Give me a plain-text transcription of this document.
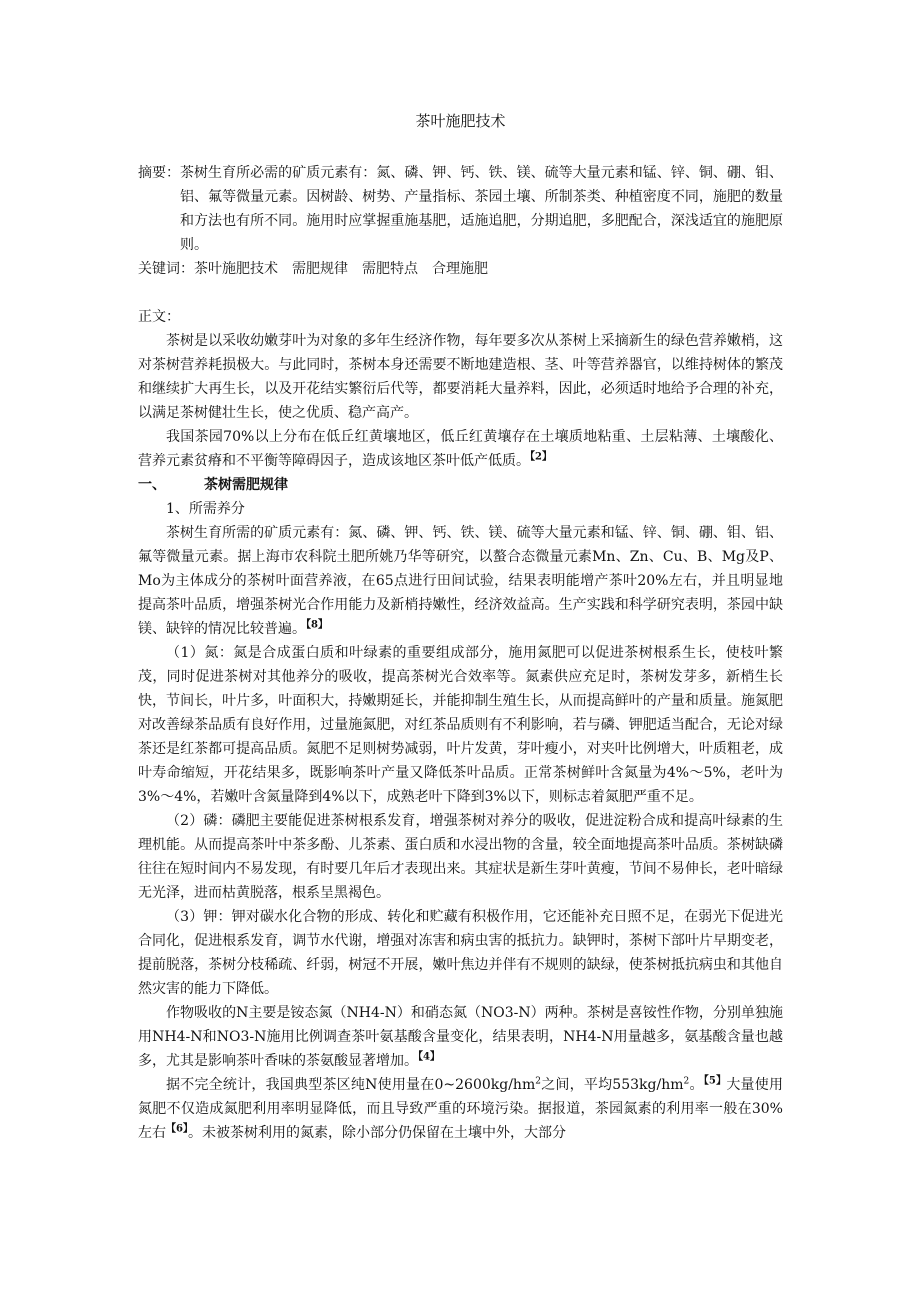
茶叶施肥技术
摘要： 茶树生育所必需的矿质元素有：氮、磷、钾、钙、铁、镁、硫等大量元素和锰、锌、铜、硼、钼、铝、氟等微量元素。因树龄、树势、产量指标、茶园土壤、所制茶类、种植密度不同，施肥的数量和方法也有所不同。施用时应掌握重施基肥，适施追肥，分期追肥，多肥配合，深浅适宜的施肥原则。
关键词：茶叶施肥技术　需肥规律　需肥特点　合理施肥
正文：

茶树是以采收幼嫩芽叶为对象的多年生经济作物，每年要多次从茶树上采摘新生的绿色营养嫩梢，这对茶树营养耗损极大。与此同时，茶树本身还需要不断地建造根、茎、叶等营养器官，以维持树体的繁茂和继续扩大再生长，以及开花结实繁衍后代等，都要消耗大量养料，因此，必须适时地给予合理的补充，以满足茶树健壮生长，使之优质、稳产高产。

我国茶园70%以上分布在低丘红黄壤地区，低丘红黄壤存在土壤质地粘重、土层粘薄、土壤酸化、营养元素贫瘠和不平衡等障碍因子，造成该地区茶叶低产低质。$^{【2】}$

一、	茶树需肥规律
1、所需养分

茶树生育所需的矿质元素有：氮、磷、钾、钙、铁、镁、硫等大量元素和锰、锌、铜、硼、钼、铝、氟等微量元素。据上海市农科院土肥所姚乃华等研究，以螯合态微量元素Mn、Zn、Cu、B、Mg及P、Mo为主体成分的茶树叶面营养液，在65点进行田间试验，结果表明能增产茶叶20%左右，并且明显地提高茶叶品质，增强茶树光合作用能力及新梢持嫩性，经济效益高。生产实践和科学研究表明，茶园中缺镁、缺锌的情况比较普遍。$^{【8】}$

（1）氮：氮是合成蛋白质和叶绿素的重要组成部分，施用氮肥可以促进茶树根系生长，使枝叶繁茂，同时促进茶树对其他养分的吸收，提高茶树光合效率等。氮素供应充足时，茶树发芽多，新梢生长快，节间长，叶片多，叶面积大，持嫩期延长，并能抑制生殖生长，从而提高鲜叶的产量和质量。施氮肥对改善绿茶品质有良好作用，过量施氮肥，对红茶品质则有不利影响，若与磷、钾肥适当配合，无论对绿茶还是红茶都可提高品质。氮肥不足则树势减弱，叶片发黄，芽叶瘦小，对夹叶比例增大，叶质粗老，成叶寿命缩短，开花结果多，既影响茶叶产量又降低茶叶品质。正常茶树鲜叶含氮量为4%～5%，老叶为3%～4%，若嫩叶含氮量降到4%以下，成熟老叶下降到3%以下，则标志着氮肥严重不足。

（2）磷：磷肥主要能促进茶树根系发育，增强茶树对养分的吸收，促进淀粉合成和提高叶绿素的生理机能。从而提高茶叶中茶多酚、儿茶素、蛋白质和水浸出物的含量，较全面地提高茶叶品质。茶树缺磷往往在短时间内不易发现，有时要几年后才表现出来。其症状是新生芽叶黄瘦，节间不易伸长，老叶暗绿无光泽，进而枯黄脱落，根系呈黑褐色。

（3）钾：钾对碳水化合物的形成、转化和贮藏有积极作用，它还能补充日照不足，在弱光下促进光合同化，促进根系发育，调节水代谢，增强对冻害和病虫害的抵抗力。缺钾时，茶树下部叶片早期变老，提前脱落，茶树分枝稀疏、纤弱，树冠不开展，嫩叶焦边并伴有不规则的缺绿，使茶树抵抗病虫和其他自然灾害的能力下降低。

作物吸收的N主要是铵态氮（NH4-N）和硝态氮（NO3-N）两种。茶树是喜铵性作物，分别单独施用NH4-N和NO3-N施用比例调查茶叶氨基酸含量变化，结果表明，NH4-N用量越多，氨基酸含量也越多，尤其是影响茶叶香味的茶氨酸显著增加。$^{【4】}$

据不完全统计，我国典型茶区纯N使用量在$0\sim 2600kg/hm^2$之间，平均$553kg/hm^2$。$^{【5】}$大量使用氮肥不仅造成氮肥利用率明显降低，而且导致严重的环境污染。据报道，茶园氮素的利用率一般在30%左右$^{【6】}$。未被茶树利用的氮素，除小部分仍保留在土壤中外，大部分
